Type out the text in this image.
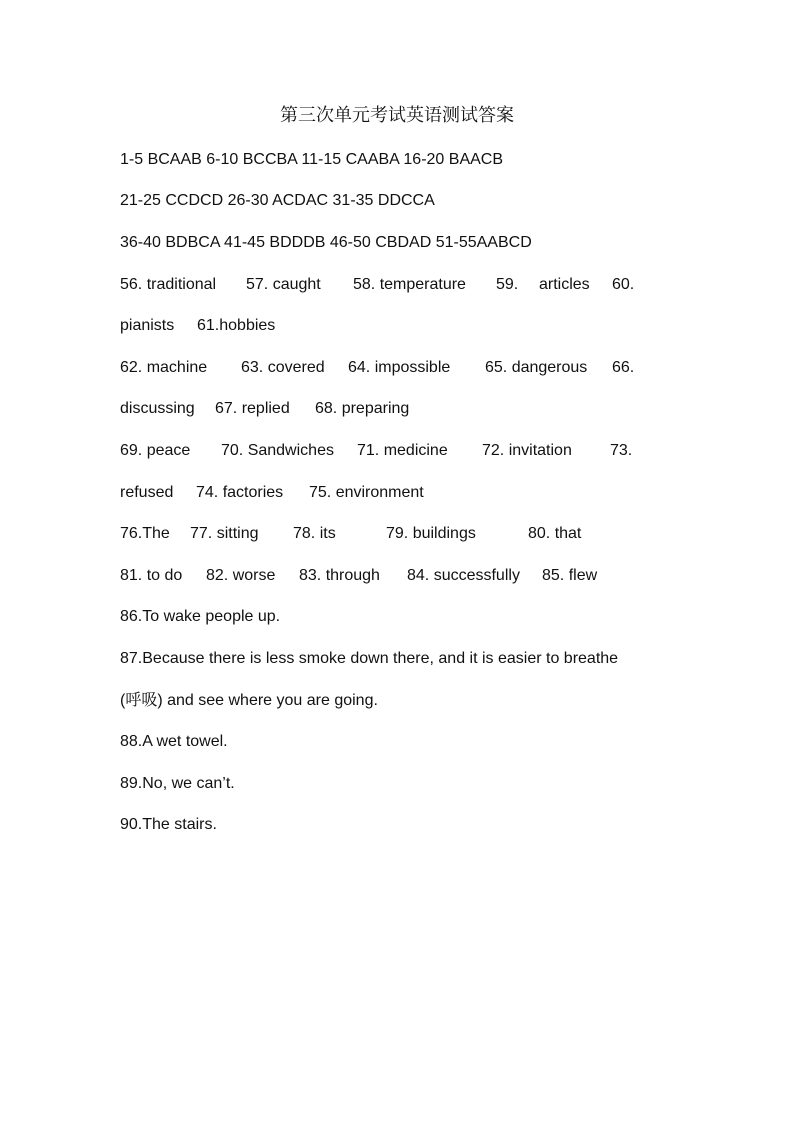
第三次单元考试英语测试答案
1-5 BCAAB 6-10 BCCBA 11-15 CAABA 16-20 BAACB
21-25 CCDCD 26-30 ACDAC 31-35 DDCCA
36-40 BDBCA 41-45 BDDDB 46-50 CBDAD 51-55AABCD
56. traditional 57. caught 58. temperature 59. articles 60.
pianists 61.hobbies
62. machine 63. covered 64. impossible 65. dangerous 66.
discussing 67. replied 68. preparing
69. peace 70. Sandwiches 71. medicine 72. invitation 73.
refused 74. factories 75. environment
76.The 77. sitting 78. its	79. buildings	80. that
81. to do 82. worse 83. through 84. successfully 85. flew
86.To wake people up.
87.Because there is less smoke down there, and it is easier to breathe
(呼吸) and see where you are going.
88.A wet towel.
89.No, we can’t.
90.The stairs.
